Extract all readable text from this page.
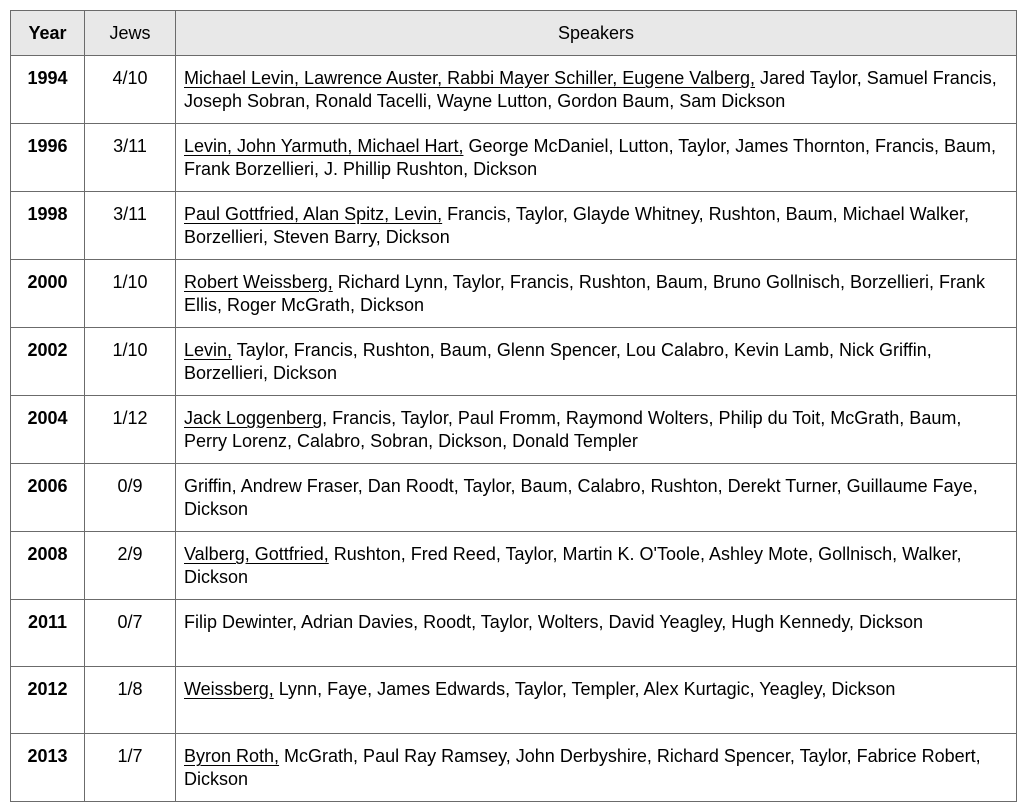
Year	Jews	Speakers
1994	4/10	Michael Levin, Lawrence Auster, Rabbi Mayer Schiller, Eugene Valberg, Jared Taylor, Samuel Francis, Joseph Sobran, Ronald Tacelli, Wayne Lutton, Gordon Baum, Sam Dickson
1996	3/11	Levin, John Yarmuth, Michael Hart, George McDaniel, Lutton, Taylor, James Thornton, Francis, Baum, Frank Borzellieri, J. Phillip Rushton, Dickson
1998	3/11	Paul Gottfried, Alan Spitz, Levin, Francis, Taylor, Glayde Whitney, Rushton, Baum, Michael Walker, Borzellieri, Steven Barry, Dickson
2000	1/10	Robert Weissberg, Richard Lynn, Taylor, Francis, Rushton, Baum, Bruno Gollnisch, Borzellieri, Frank Ellis, Roger McGrath, Dickson
2002	1/10	Levin, Taylor, Francis, Rushton, Baum, Glenn Spencer, Lou Calabro, Kevin Lamb, Nick Griffin, Borzellieri, Dickson
2004	1/12	Jack Loggenberg, Francis, Taylor, Paul Fromm, Raymond Wolters, Philip du Toit, McGrath, Baum, Perry Lorenz, Calabro, Sobran, Dickson, Donald Templer
2006	0/9	Griffin, Andrew Fraser, Dan Roodt, Taylor, Baum, Calabro, Rushton, Derekt Turner, Guillaume Faye, Dickson
2008	2/9	Valberg, Gottfried, Rushton, Fred Reed, Taylor, Martin K. O'Toole, Ashley Mote, Gollnisch, Walker, Dickson
2011	0/7	Filip Dewinter, Adrian Davies, Roodt, Taylor, Wolters, David Yeagley, Hugh Kennedy, Dickson
2012	1/8	Weissberg, Lynn, Faye, James Edwards, Taylor, Templer, Alex Kurtagic, Yeagley, Dickson
2013	1/7	Byron Roth, McGrath, Paul Ray Ramsey, John Derbyshire, Richard Spencer, Taylor, Fabrice Robert, Dickson
